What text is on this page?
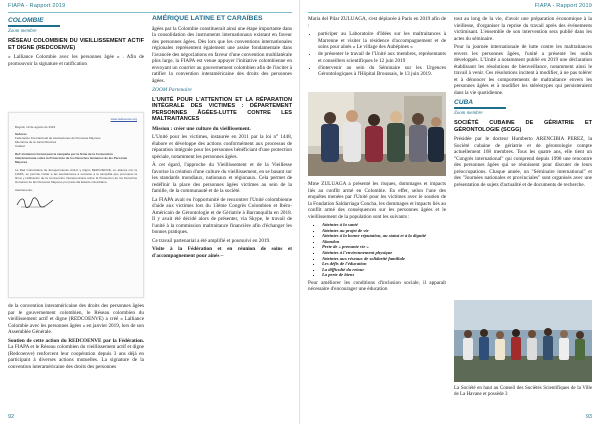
FIAPA - Rapport 2019
COLOMBIE
Zoom membre
RÉSEAU COLOMBIEN DU VIEILLISSEMENT ACTIF ET DIGNE (REDCOENVE)

« Lalliance Colombie avec les personnes âgée » . Afin de promouvoir la signature et ratification

www.redcoenve.org
Bogotá, 19 de agosto de 2019
Señores
Federación Internacional de Asociaciones de Personas Mayores
Miembros de la Junta Directiva
Ciudad
Ref: Invitación formal para la campaña por la firma de la Convención
Interamericana sobre la Protección de los Derechos Humanos de las Personas Mayores
La Red Colombiana de Envejecimiento Activo y Digno REDCOENVE, en alianza con la FIAPA, se permite invitar a las asociaciones a sumarse a la campaña que promueve la firma y ratificación de la Convención Interamericana sobre la Protección de los Derechos Humanos de las Personas Mayores por parte del Estado colombiano.
Atentamente,

de la convention interaméricaine des droits des personnes âgées par le gouvernement colombien, le Réseau colombien du vieillissement actif et digne (REDCOENVE) a créé « Lalliance Colombie avec les personnes âgées » en janvier 2019, lors de son Assemblée Générale.

Soutien de cette action du REDCOENVE par la Fédération. La FIAPA et le Réseau colombien du vieillissement actif et digne (Redcoenve) renforcent leur coopération depuis 3 ans déjà en participant à diverses actions mutuelles. La signature de la convention interaméricaine des droits des personnes

AMÉRIQUE LATINE ET CARAÏBES

âgées par la Colombie constituerait ainsi une étape importante dans la consolidation des instruments internationaux existant en faveur des personnes âgées. Dès lors que les conventions internationales régionales représentent également une assise fondamentale dans l'avancée des négociations en faveur d'une convention multilatérale plus large, la FIAPA est venue appuyer l'initiative colombienne en envoyant un courrier au gouvernement colombien afin de l'inciter à ratifier la convention interaméricaine des droits des personnes âgées.

ZOOM Partenaire
L'UNITÉ POUR L'ATTENTION ET LA RÉPARATION INTÉGRALE DES VICTIMES : DÉPARTEMENT PERSONNES ÂGÉES-LUTTE CONTRE LES MALTRAITANCES

Mission : créer une culture du vieillissement.

L'Unité pour les victimes, instaurée en 2011 par la loi n° 1448, élabore et développe des actions conformément aux processus de réparation intégrale pour les personnes bénéficiant d'une protection spéciale, notamment les personnes âgées.

À cet égard, l'approche du Vieillissement et de la Vieillesse favorise la création d'une culture du vieillissement, en se basant sur les standards mondiaux, nationaux et régionaux. Cela permet de redéfinir la place des personnes âgées victimes au sein de la famille, de la communauté et de la société.

La FIAPA avait eu l'opportunité de rencontrer l'Unité colombienne d'aide aux victimes lors du 13ème Congrès Colombien et Ibéro-Américain de Gérontologie et de Gériatrie à Barranquilla en 2018. Il y avait été décidé alors de présenter, via Skype, le travail de l'unité à la commission maltraitance financière afin d'échanger les bonnes pratiques.

Ce travail partenarial a été amplifié et poursuivi en 2019.

Visite à la Fédération et en réunion de soins et d'accompagnement pour aînés ~

92
FIAPA - Rapport 2019

Maria del Pilar ZULUAGA, s'est déplacée à Paris en 2019 afin de :

• participer au Laboratoire d'Idées sur les maltraitances à Marrenne et visiter la résidence d'accompagnement et de soins pour aînés « Le village des Aubépines »
• de présenter le travail de l'Unité aux membres, représentants et conseillers scientifiques le 12 juin 2019
• d'intervenir au sein du Séminaire sur les Urgences Gérontologiques à l'Hôpital Broussais, le 13 juin 2019.

Mme ZULUAGA a présenté les risques, dommages et impacts liés au conflit armé en Colombie. En effet, selon l'une des enquêtes menées par l'Unité pour les victimes avec le soutien de la Fondation Saldarriaga Concha, les dommages et impacts liés au conflit armé des conséquences sur les personnes âgées et le vieillissement de la population sont les suivants :

▪ Atteintes à la santé
▪ Atteintes au projet de vie
▪ Atteintes à la bonne réputation, au statut et à la dignité
▪ Abandon
▪ Perte de « prenante vie »
▪ Atteintes à l'environnement physique
▪ Atteintes aux réseaux de solidarité familiale
▪ Les défis de l'éducation
▪ La difficulté du retour
▪ La perte de biens

Pour améliorer les conditions d'inclusion sociale, il apparaît nécessaire d'encourager une éducation

tout au long de la vie, d'avoir une préparation économique à la vieillesse, d'organiser la reprise du travail après des événements victimisant. L'ensemble de son intervention sera publié dans les actes du séminaire.

Pour la journée internationale de lutte contre les maltraitances envers les personnes âgées, l'unité a présenté les outils développés. L'Unité a notamment publié en 2019 une déclaration établissant les résolutions de bienveillance, notamment ainsi le travail à venir. Ces résolutions incitent à modifier, à ne pas tolérer et à dénoncer les comportements de maltraitance envers les personnes âgées et à modifier les stéréotypes qui persisteraient dans la vie quotidienne.

CUBA
Zoom membre
SOCIÉTÉ CUBAINE DE GÉRIATRIE ET GÉRONTOLOGIE (SCGG)

Présidée par le docteur Humberto ARENCIBIA PEREZ, la Société cubaine de gériatrie et de gérontologie compte actuellement 168 membres. Tous les quatre ans, elle tient un "Congrès international" qui comprend depuis 1998 une rencontre des personnes âgées qui se réunissent pour discuter de leurs préoccupations. Chaque année, un "Séminaire international" et des "Journées nationales et provinciales" sont organisés avec une présentation de sujets d'actualité et de documents de recherche.

La Société en haut au Conseil des Sociétés Scientifiques de la Ville de La Havane et possède 3
93
